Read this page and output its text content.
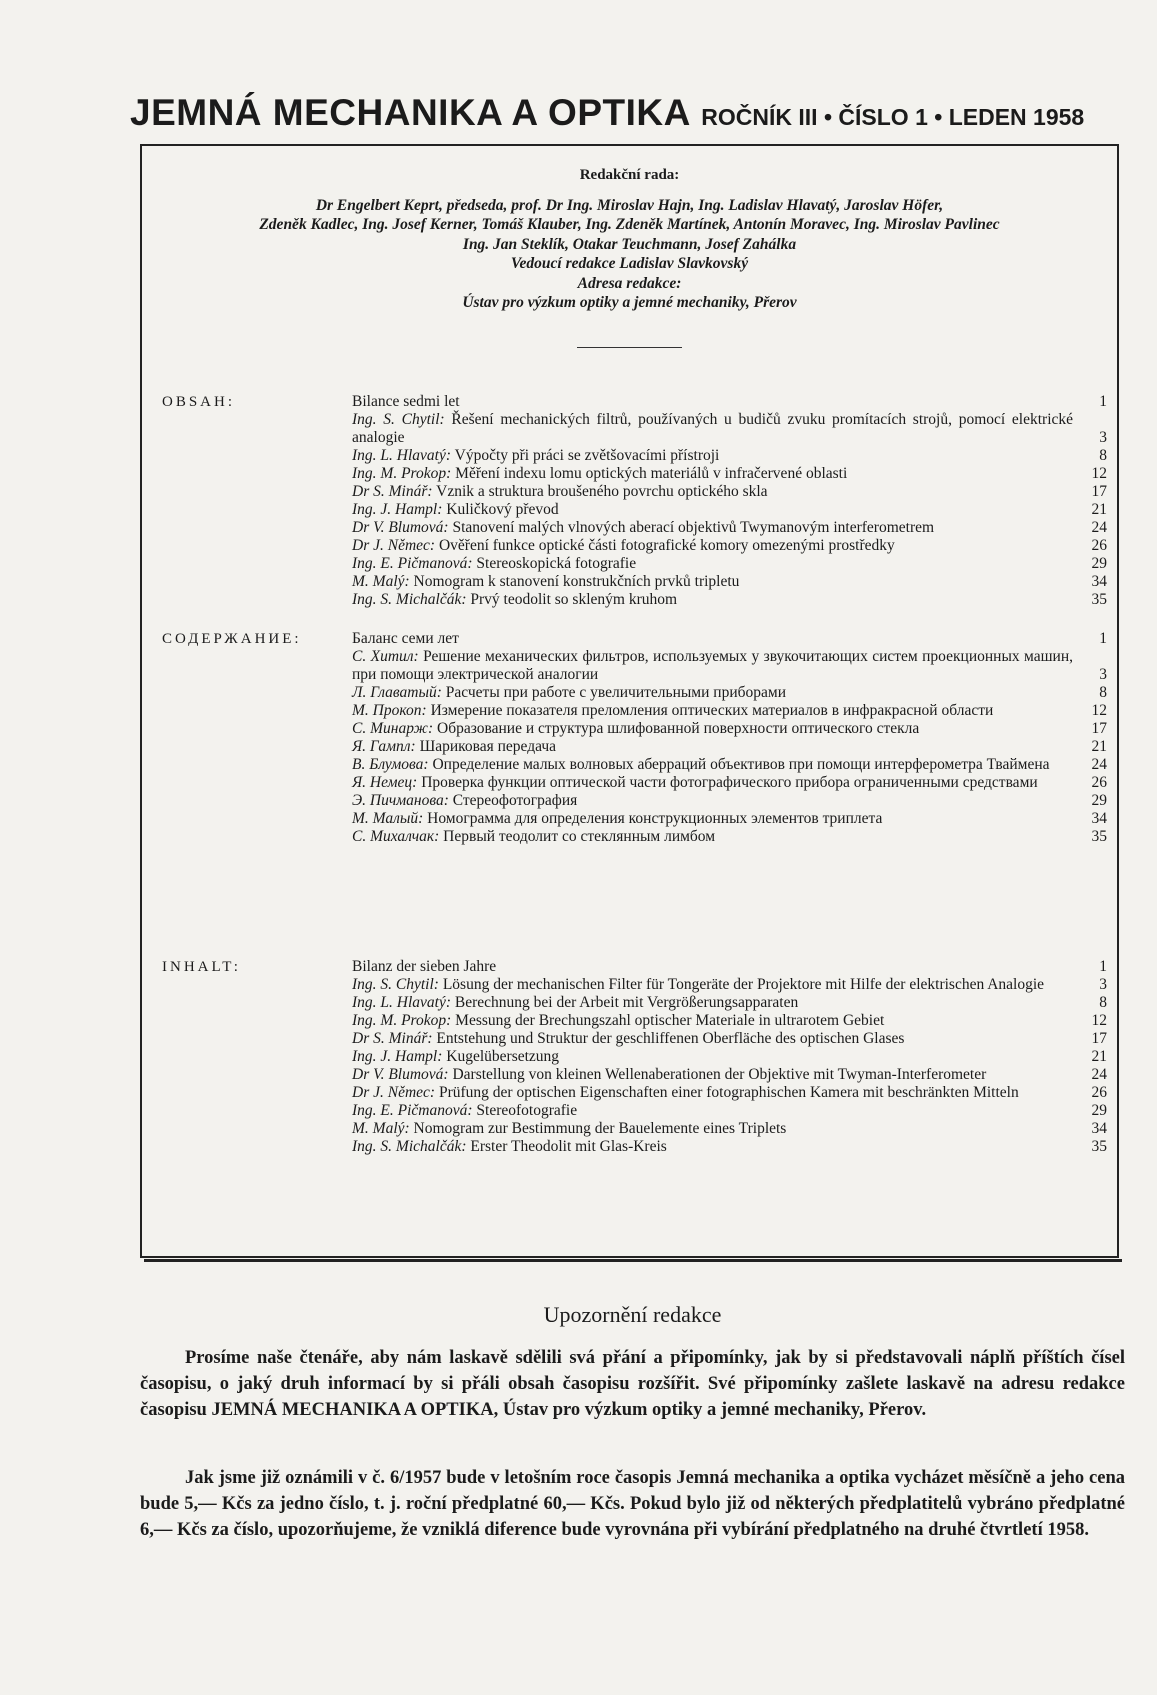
JEMNÁ MECHANIKA A OPTIKA ROČNÍK III • ČÍSLO 1 • LEDEN 1958
Redakční rada:
Dr Engelbert Keprt, předseda, prof. Dr Ing. Miroslav Hajn, Ing. Ladislav Hlavatý, Jaroslav Höfer,
Zdeněk Kadlec, Ing. Josef Kerner, Tomáš Klauber, Ing. Zdeněk Martínek, Antonín Moravec, Ing. Miroslav Pavlinec
Ing. Jan Steklík, Otakar Teuchmann, Josef Zahálka
Vedoucí redakce Ladislav Slavkovský
Adresa redakce:
Ústav pro výzkum optiky a jemné mechaniky, Přerov
OBSAH:	Bilance sedmi let	1
Ing. S. Chytil: Řešení mechanických filtrů, používaných u budičů zvuku promítacích strojů, pomocí elektrické analogie	3
Ing. L. Hlavatý: Výpočty při práci se zvětšovacími přístroji	8
Ing. M. Prokop: Měření indexu lomu optických materiálů v infračervené oblasti	12
Dr S. Minář: Vznik a struktura broušeného povrchu optického skla	17
Ing. J. Hampl: Kuličkový převod	21
Dr V. Blumová: Stanovení malých vlnových aberací objektivů Twymanovým interferometrem	24
Dr J. Němec: Ověření funkce optické části fotografické komory omezenými prostředky	26
Ing. E. Pičmanová: Stereoskopická fotografie	29
M. Malý: Nomogram k stanovení konstrukčních prvků tripletu	34
Ing. S. Michalčák: Prvý teodolit so skleným kruhom	35
СОДЕРЖАНИЕ:	Баланс семи лет	1
С. Хитил: Решение механических фильтров, используемых у звукочитающих систем проекционных машин, при помощи электрической аналогии	3
Л. Главатый: Расчеты при работе с увеличительными приборами	8
М. Прокоп: Измерение показателя преломления оптических материалов в инфракрасной области	12
С. Минарж: Образование и структура шлифованной поверхности оптического стекла	17
Я. Гампл: Шариковая передача	21
В. Блумова: Определение малых волновых аберраций объективов при помощи интерферометра Тваймена	24
Я. Немец: Проверка функции оптической части фотографического прибора ограниченными средствами	26
Э. Пичманова: Стереофотография	29
М. Малый: Номограмма для определения конструкционных элементов триплета	34
С. Михалчак: Первый теодолит со стеклянным лимбом	35
INHALT:	Bilanz der sieben Jahre	1
Ing. S. Chytil: Lösung der mechanischen Filter für Tongeräte der Projektore mit Hilfe der elektrischen Analogie	3
Ing. L. Hlavatý: Berechnung bei der Arbeit mit Vergrößerungsapparaten	8
Ing. M. Prokop: Messung der Brechungszahl optischer Materiale in ultrarotem Gebiet	12
Dr S. Minář: Entstehung und Struktur der geschliffenen Oberfläche des optischen Glases	17
Ing. J. Hampl: Kugelübersetzung	21
Dr V. Blumová: Darstellung von kleinen Wellenaberationen der Objektive mit Twyman-Interferometer	24
Dr J. Němec: Prüfung der optischen Eigenschaften einer fotographischen Kamera mit beschränkten Mitteln	26
Ing. E. Pičmanová: Stereofotografie	29
M. Malý: Nomogram zur Bestimmung der Bauelemente eines Triplets	34
Ing. S. Michalčák: Erster Theodolit mit Glas-Kreis	35
Upozornění redakce

Prosíme naše čtenáře, aby nám laskavě sdělili svá přání a připomínky, jak by si představovali náplň příštích čísel časopisu, o jaký druh informací by si přáli obsah časopisu rozšířit. Své připomínky zašlete laskavě na adresu redakce časopisu JEMNÁ MECHANIKA A OPTIKA, Ústav pro výzkum optiky a jemné mechaniky, Přerov.

Jak jsme již oznámili v č. 6/1957 bude v letošním roce časopis Jemná mechanika a optika vycházet měsíčně a jeho cena bude 5,— Kčs za jedno číslo, t. j. roční předplatné 60,— Kčs. Pokud bylo již od některých předplatitelů vybráno předplatné 6,— Kčs za číslo, upozorňujeme, že vzniklá diference bude vyrovnána při vybírání předplatného na druhé čtvrtletí 1958.
